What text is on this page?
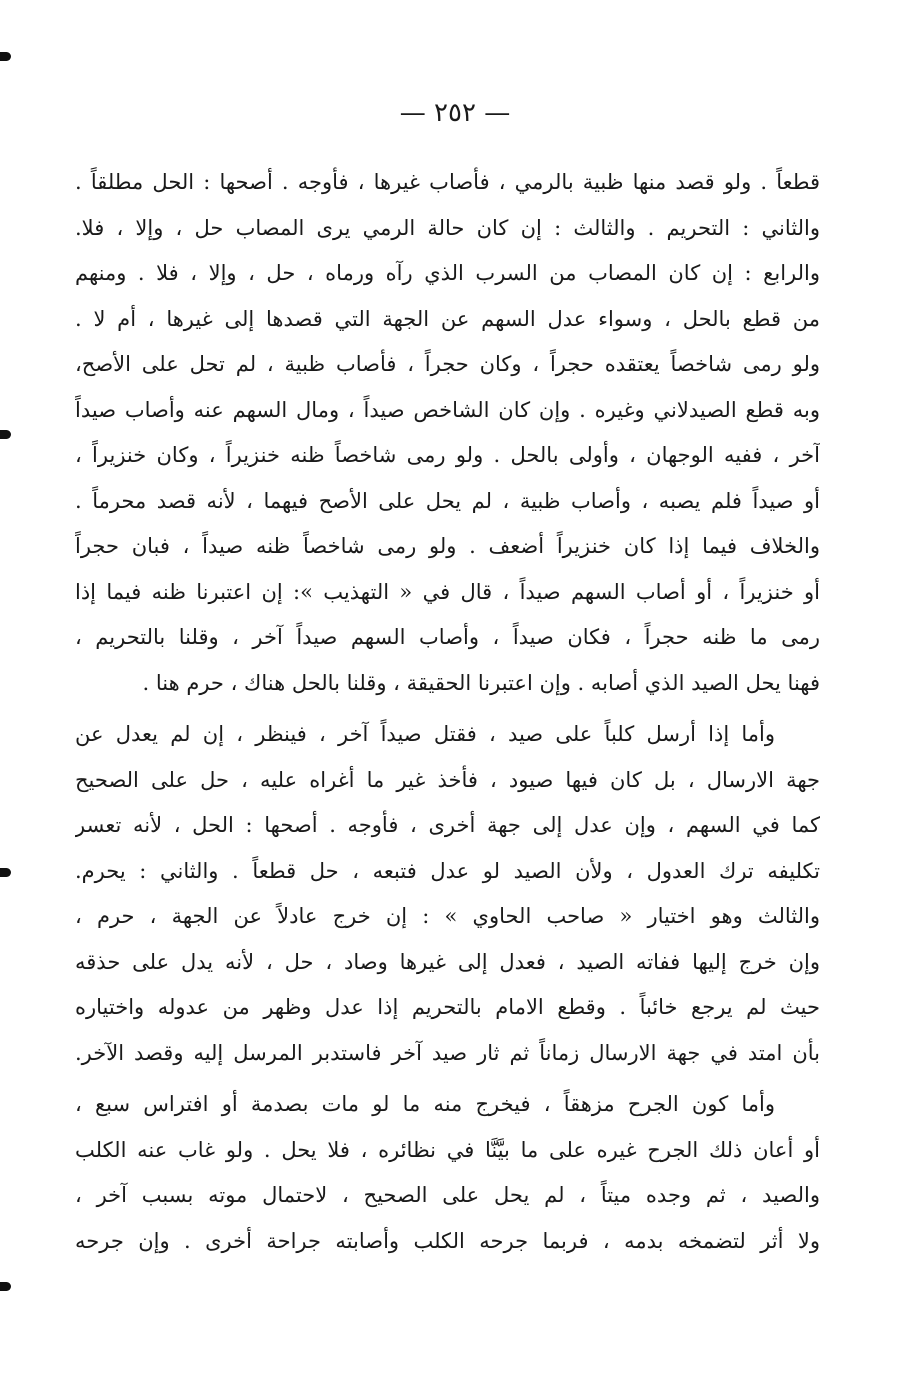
— ٢٥٢ —
قطعاً . ولو قصد منها ظبية بالرمي ، فأصاب غيرها ، فأوجه . أصحها : الحل مطلقاً .
والثاني : التحريم . والثالث : إن كان حالة الرمي يرى المصاب حل ، وإلا ، فلا.
والرابع : إن كان المصاب من السرب الذي رآه ورماه ، حل ، وإلا ، فلا . ومنهم
من قطع بالحل ، وسواء عدل السهم عن الجهة التي قصدها إلى غيرها ، أم لا .
ولو رمى شاخصاً يعتقده حجراً ، وكان حجراً ، فأصاب ظبية ، لم تحل على الأصح،
وبه قطع الصيدلاني وغيره . وإن كان الشاخص صيداً ، ومال السهم عنه وأصاب صيداً
آخر ، ففيه الوجهان ، وأولى بالحل . ولو رمى شاخصاً ظنه خنزيراً ، وكان خنزيراً ،
أو صيداً فلم يصبه ، وأصاب ظبية ، لم يحل على الأصح فيهما ، لأنه قصد محرماً .
والخلاف فيما إذا كان خنزيراً أضعف . ولو رمى شاخصاً ظنه صيداً ، فبان حجراً
أو خنزيراً ، أو أصاب السهم صيداً ، قال في « التهذيب »: إن اعتبرنا ظنه فيما إذا
رمى ما ظنه حجراً ، فكان صيداً ، وأصاب السهم صيداً آخر ، وقلنا بالتحريم ،
فهنا يحل الصيد الذي أصابه . وإن اعتبرنا الحقيقة ، وقلنا بالحل هناك ، حرم هنا .
وأما إذا أرسل كلباً على صيد ، فقتل صيداً آخر ، فينظر ، إن لم يعدل عن
جهة الارسال ، بل كان فيها صيود ، فأخذ غير ما أغراه عليه ، حل على الصحيح
كما في السهم ، وإن عدل إلى جهة أخرى ، فأوجه . أصحها : الحل ، لأنه تعسر
تكليفه ترك العدول ، ولأن الصيد لو عدل فتبعه ، حل قطعاً . والثاني : يحرم.
والثالث وهو اختيار « صاحب الحاوي » : إن خرج عادلاً عن الجهة ، حرم ،
وإن خرج إليها ففاته الصيد ، فعدل إلى غيرها وصاد ، حل ، لأنه يدل على حذقه
حيث لم يرجع خائباً . وقطع الامام بالتحريم إذا عدل وظهر من عدوله واختياره
بأن امتد في جهة الارسال زماناً ثم ثار صيد آخر فاستدبر المرسل إليه وقصد الآخر.
وأما كون الجرح مزهقاً ، فيخرج منه ما لو مات بصدمة أو افتراس سبع ،
أو أعان ذلك الجرح غيره على ما بيَّنَّا في نظائره ، فلا يحل . ولو غاب عنه الكلب
والصيد ، ثم وجده ميتاً ، لم يحل على الصحيح ، لاحتمال موته بسبب آخر ،
ولا أثر لتضمخه بدمه ، فربما جرحه الكلب وأصابته جراحة أخرى . وإن جرحه
